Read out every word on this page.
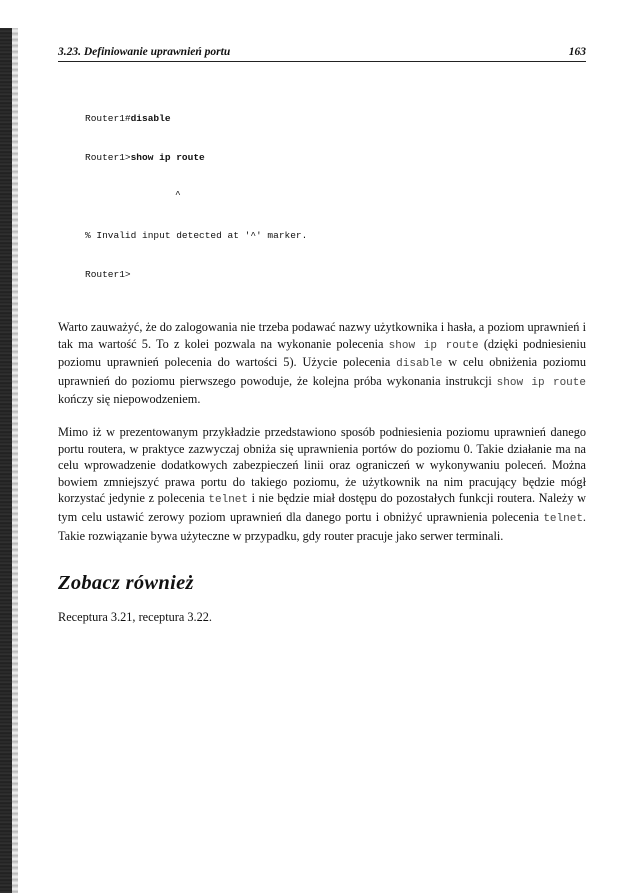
3.23. Definiowanie uprawnień portu	163

Router1#disable

Router1>show ip route

^

% Invalid input detected at '^' marker.

Router1>

Warto zauważyć, że do zalogowania nie trzeba podawać nazwy użytkownika i hasła, a poziom uprawnień i tak ma wartość 5. To z kolei pozwala na wykonanie polecenia show ip route (dzięki podniesieniu poziomu uprawnień polecenia do wartości 5). Użycie polecenia disable w celu obniżenia poziomu uprawnień do poziomu pierwszego powoduje, że kolejna próba wykonania instrukcji show ip route kończy się niepowodzeniem.

Mimo iż w prezentowanym przykładzie przedstawiono sposób podniesienia poziomu uprawnień danego portu routera, w praktyce zazwyczaj obniża się uprawnienia portów do poziomu 0. Takie działanie ma na celu wprowadzenie dodatkowych zabezpieczeń linii oraz ograniczeń w wykonywaniu poleceń. Można bowiem zmniejszyć prawa portu do takiego poziomu, że użytkownik na nim pracujący będzie mógł korzystać jedynie z polecenia telnet i nie będzie miał dostępu do pozostałych funkcji routera. Należy w tym celu ustawić zerowy poziom uprawnień dla danego portu i obniżyć uprawnienia polecenia telnet. Takie rozwiązanie bywa użyteczne w przypadku, gdy router pracuje jako serwer terminali.

Zobacz również

Receptura 3.21, receptura 3.22.
